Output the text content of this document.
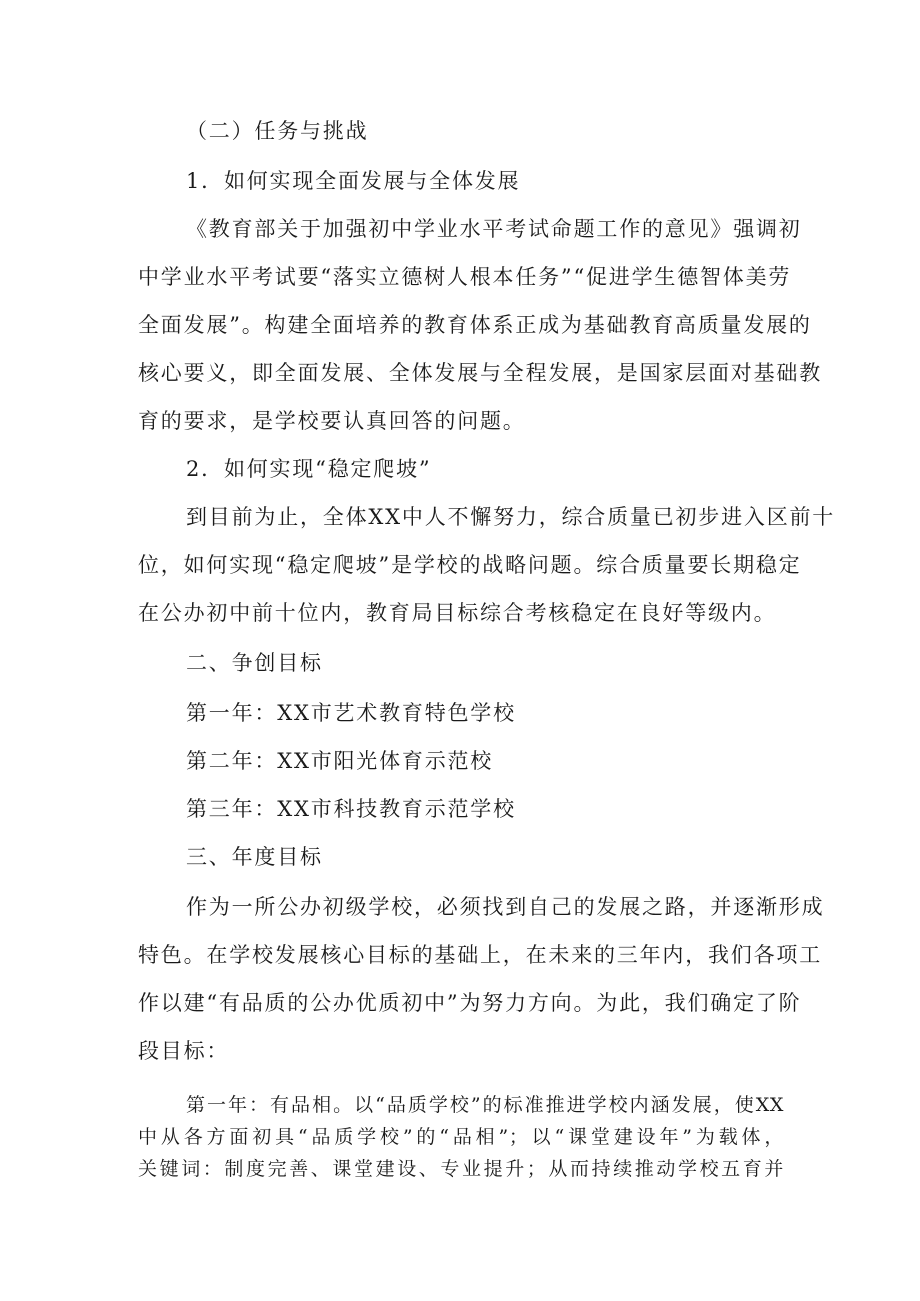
（二）任务与挑战
1．如何实现全面发展与全体发展
《教育部关于加强初中学业水平考试命题工作的意见》强调初
中学业水平考试要“落实立德树人根本任务”“促进学生德智体美劳
全面发展”。构建全面培养的教育体系正成为基础教育高质量发展的
核心要义，即全面发展、全体发展与全程发展，是国家层面对基础教
育的要求，是学校要认真回答的问题。
2．如何实现“稳定爬坡”
到目前为止，全体XX中人不懈努力，综合质量已初步进入区前十
位，如何实现“稳定爬坡”是学校的战略问题。综合质量要长期稳定
在公办初中前十位内，教育局目标综合考核稳定在良好等级内。
二、争创目标
第一年：XX市艺术教育特色学校
第二年：XX市阳光体育示范校
第三年：XX市科技教育示范学校
三、年度目标
作为一所公办初级学校，必须找到自己的发展之路，并逐渐形成
特色。在学校发展核心目标的基础上，在未来的三年内，我们各项工
作以建“有品质的公办优质初中”为努力方向。为此，我们确定了阶
段目标：
第一年：有品相。以“品质学校”的标准推进学校内涵发展，使XX
中从各方面初具“品质学校”的“品相”；以“课堂建设年”为载体，
关键词：制度完善、课堂建设、专业提升；从而持续推动学校五育并
